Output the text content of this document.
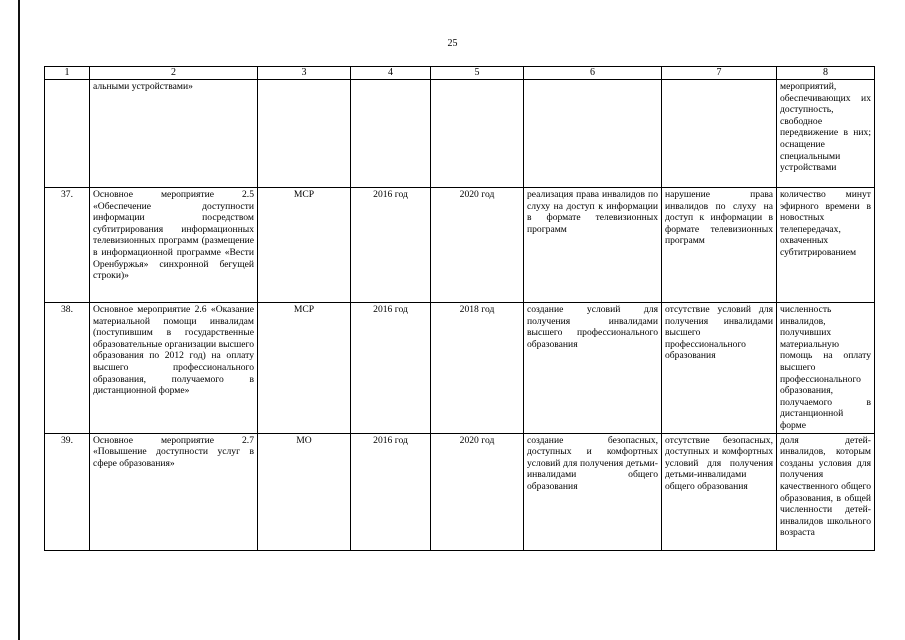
25
1	2	3	4	5	6	7	8
	альными устройствами»						мероприятий, обеспечивающих их доступность, свободное передвижение в них; оснащение специальными устройствами
37.	Основное мероприятие 2.5 «Обеспечение доступности информации посредством субтитрирования информационных телевизионных программ (размещение в информационной программе «Вести Оренбуржья» синхронной бегущей строки)»	МСР	2016 год	2020 год	реализация права инвалидов по слуху на доступ к информации в формате телевизионных программ	нарушение права инвалидов по слуху на доступ к информации в формате телевизионных программ	количество минут эфирного времени в новостных телепередачах, охваченных субтитрированием
38.	Основное мероприятие 2.6 «Оказание материальной помощи инвалидам (поступившим в государственные образовательные организации высшего образования по 2012 год) на оплату высшего профессионального образования, получаемого в дистанционной форме»	МСР	2016 год	2018 год	создание условий для получения инвалидами высшего профессионального образования	отсутствие условий для получения инвалидами высшего профессионального образования	численность инвалидов, получивших материальную помощь на оплату высшего профессионального образования, получаемого в дистанционной форме
39.	Основное мероприятие 2.7 «Повышение доступности услуг в сфере образования»	МО	2016 год	2020 год	создание безопасных, доступных и комфортных условий для получения детьми-инвалидами общего образования	отсутствие безопасных, доступных и комфортных условий для получения детьми-инвалидами общего образования	доля детей-инвалидов, которым созданы условия для получения качественного общего образования, в общей численности детей-инвалидов школьного возраста
